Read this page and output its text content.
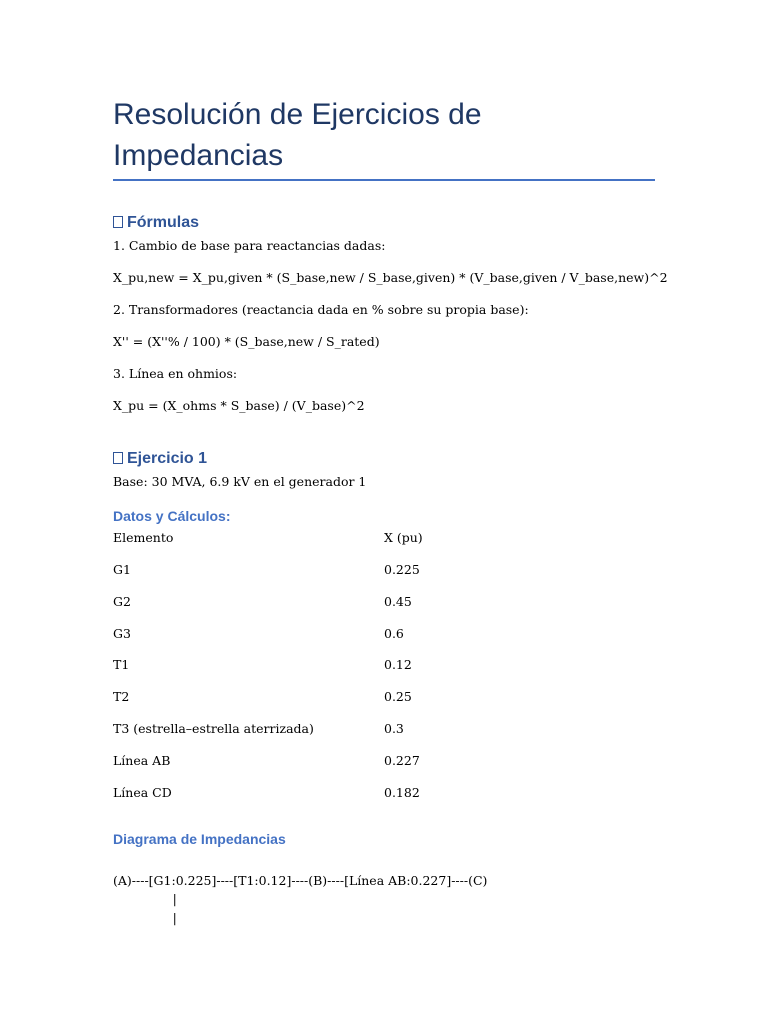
Resolución de Ejercicios de Impedancias
Fórmulas

1. Cambio de base para reactancias dadas:

X_pu,new = X_pu,given * (S_base,new / S_base,given) * (V_base,given / V_base,new)^2

2. Transformadores (reactancia dada en % sobre su propia base):

X'' = (X''% / 100) * (S_base,new / S_rated)

3. Línea en ohmios:

X_pu = (X_ohms * S_base) / (V_base)^2

Ejercicio 1

Base: 30 MVA, 6.9 kV en el generador 1

Datos y Cálculos:
Elemento	X (pu)
G1	0.225
G2	0.45
G3	0.6
T1	0.12
T2	0.25
T3 (estrella–estrella aterrizada)	0.3
Línea AB	0.227
Línea CD	0.182
Diagrama de Impedancias

(A)----[G1:0.225]----[T1:0.12]----(B)----[Línea AB:0.227]----(C)

|

|
